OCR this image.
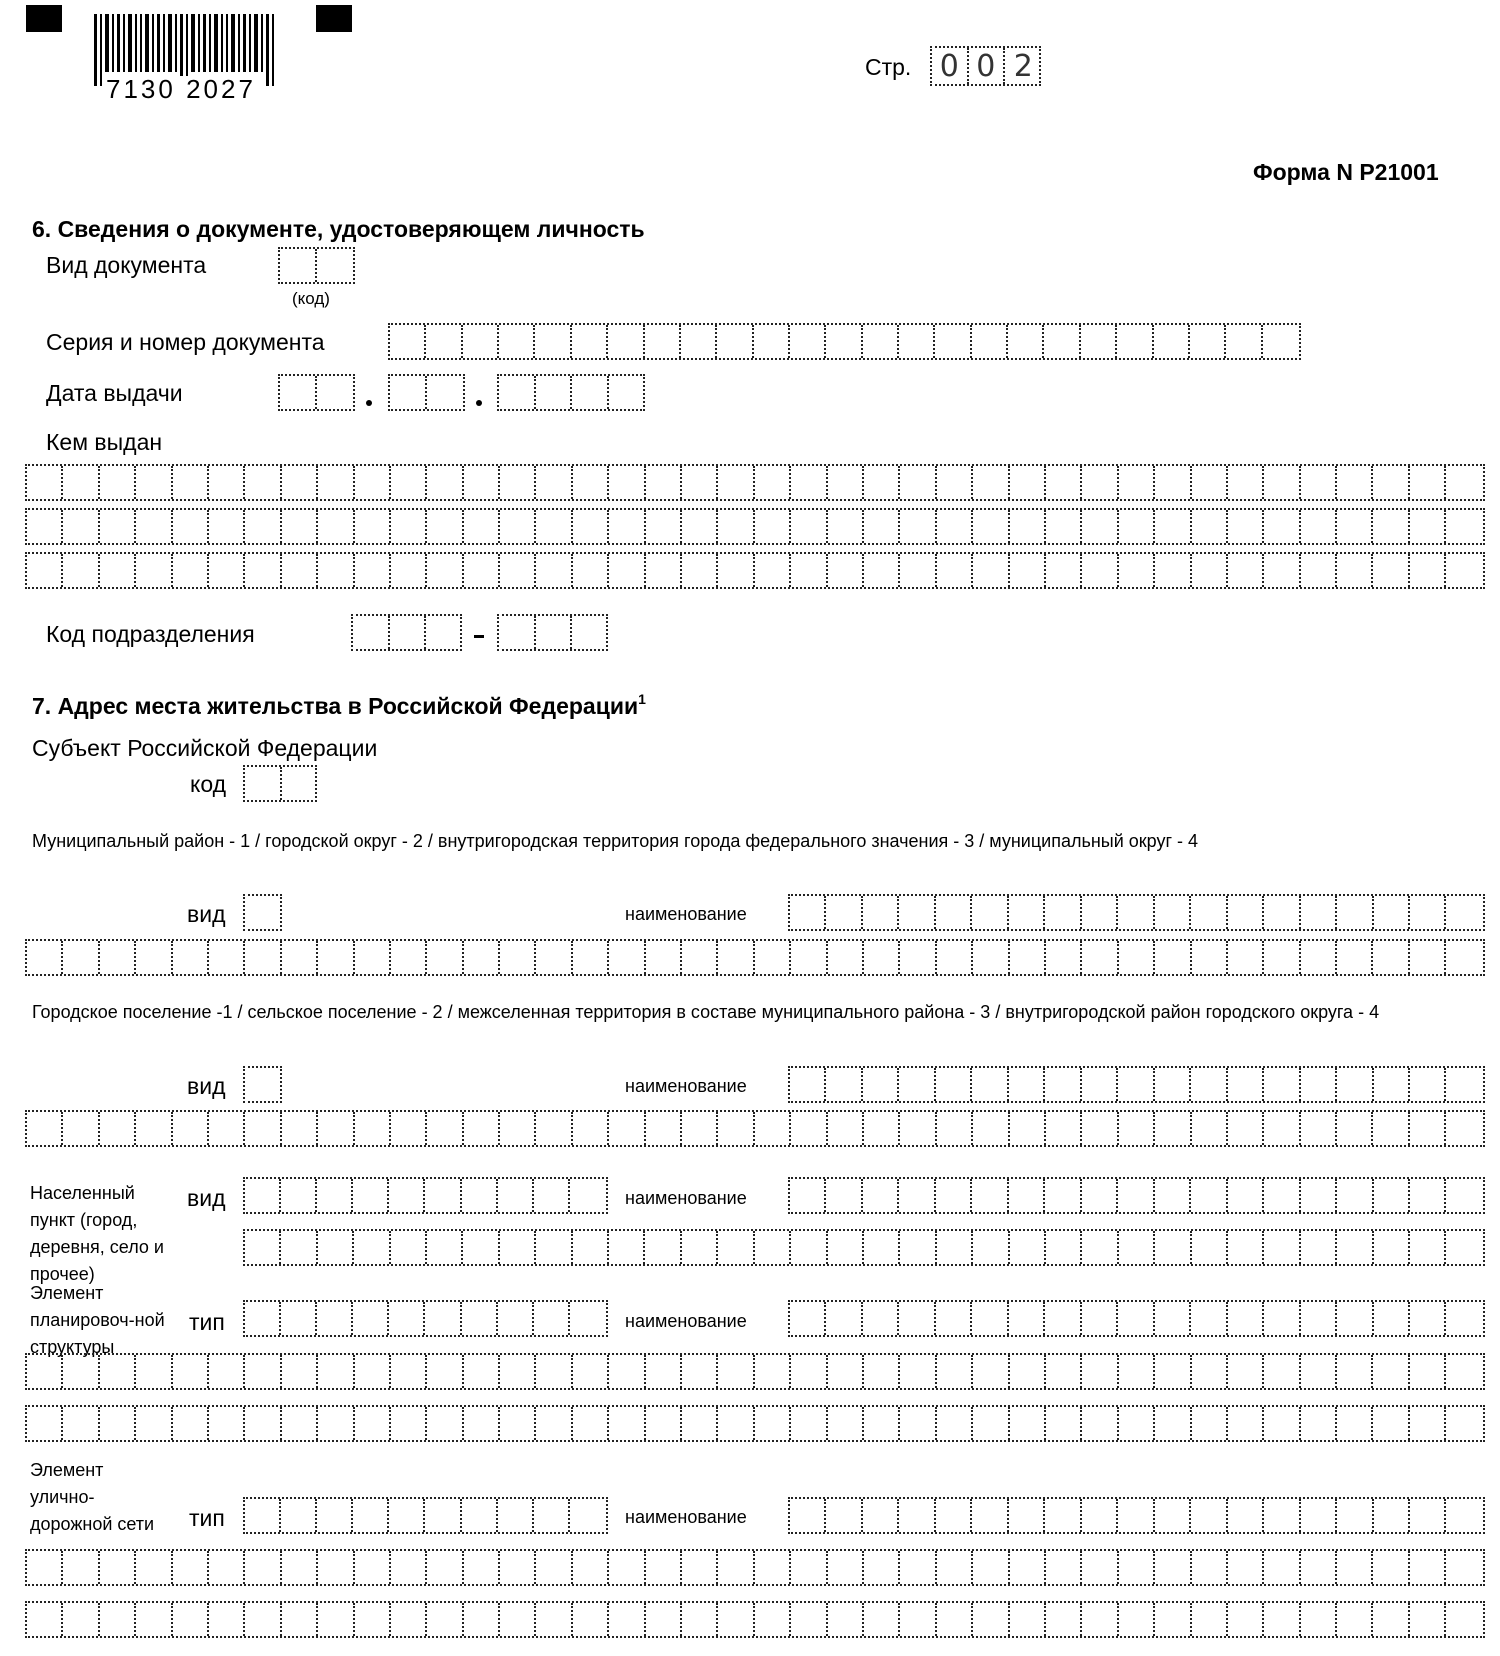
7130 2027
Стр. 0 0 2
Форма N Р21001
6. Сведения о документе, удостоверяющем личность
Вид документа
(код)
Серия и номер документа
Дата выдачи
Кем выдан
Код подразделения
7. Адрес места жительства в Российской Федерации$^1$
Субъект Российской Федерации
код
Муниципальный район - 1 / городской округ - 2 / внутригородская территория города федерального значения - 3 / муниципальный округ - 4
вид	наименование
Городское поселение -1 / сельское поселение - 2 / межселенная территория в составе муниципального района - 3 / внутригородской район городского округа - 4
вид	наименование
Населенный пункт (город, деревня, село и прочее)
вид	наименование
Элемент планировоч-ной структуры
тип	наименование
Элемент улично-дорожной сети	тип	наименование
